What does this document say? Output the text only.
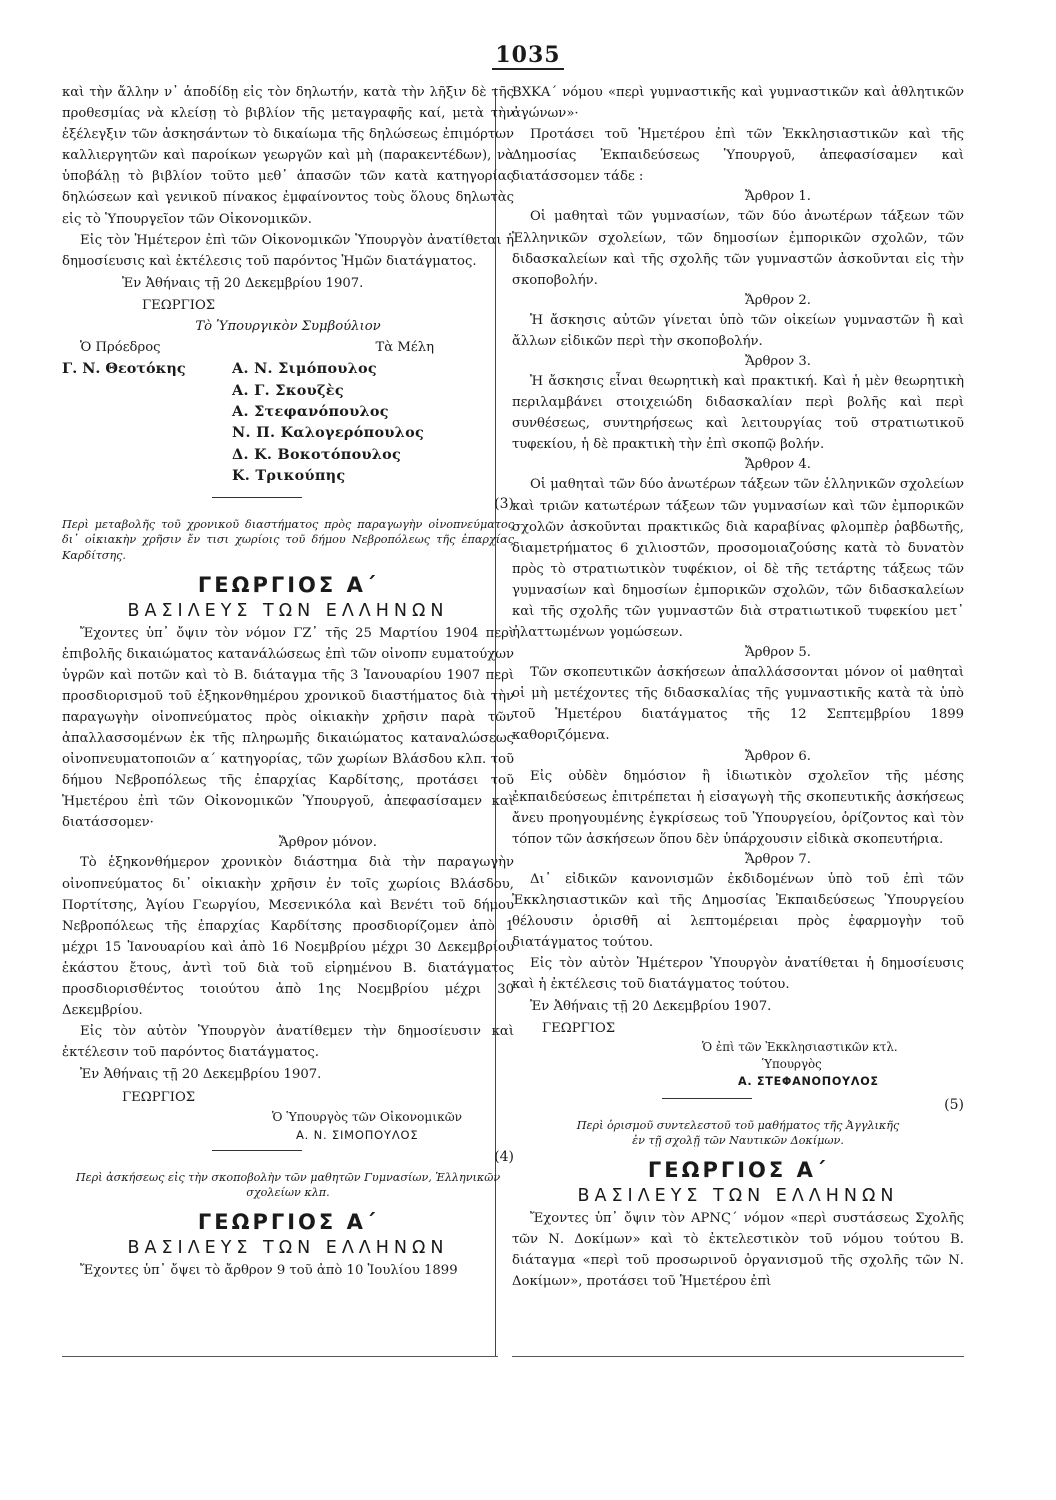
1035

καὶ τὴν ἄλλην ν᾽ ἀποδίδῃ εἰς τὸν δηλωτήν, κατὰ τὴν λῆξιν δὲ τῆς προθεσμίας νὰ κλείσῃ τὸ βιβλίον τῆς μεταγραφῆς καί, μετὰ τὴν ἐξέλεγξιν τῶν ἀσκησάντων τὸ δικαίωμα τῆς δηλώσεως ἐπιμόρτων καλλιεργητῶν καὶ παροίκων γεωργῶν καὶ μὴ (παρακεντέδων), νὰ ὑποβάλῃ τὸ βιβλίον τοῦτο μεθ᾽ ἁπασῶν τῶν κατὰ κατηγορίας δηλώσεων καὶ γενικοῦ πίνακος ἐμφαίνοντος τοὺς ὅλους δηλωτὰς εἰς τὸ Ὑπουργεῖον τῶν Οἰκονομικῶν.

Εἰς τὸν Ἡμέτερον ἐπὶ τῶν Οἰκονομικῶν Ὑπουργὸν ἀνατίθεται ἡ δημοσίευσις καὶ ἐκτέλεσις τοῦ παρόντος Ἡμῶν διατάγματος.

Ἐν Ἀθήναις τῇ 20 Δεκεμβρίου 1907.

ΓΕΩΡΓΙΟΣ

Τὸ Ὑπουργικὸν Συμβούλιον

Ὁ Πρόεδρος	Τὰ Μέλη
Γ. Ν. Θεοτόκης	Α. Ν. Σιμόπουλος
Α. Γ. Σκουζὲς
Α. Στεφανόπουλος
Ν. Π. Καλογερόπουλος
Δ. Κ. Βοκοτόπουλος
Κ. Τρικούπης

(3)

Περὶ μεταβολῆς τοῦ χρονικοῦ διαστήματος πρὸς παραγωγὴν οἰνοπνεύματος δι᾽ οἰκιακὴν χρῆσιν ἔν τισι χωρίοις τοῦ δήμου Νεβροπόλεως τῆς ἐπαρχίας Καρδίτσης.

ΓΕΩΡΓΙΟΣ Α΄

ΒΑΣΙΛΕΥΣ ΤΩΝ ΕΛΛΗΝΩΝ

Ἔχοντες ὑπ᾽ ὄψιν τὸν νόμον ΓΖ᾽ τῆς 25 Μαρτίου 1904 περὶ ἐπιβολῆς δικαιώματος κατανάλώσεως ἐπὶ τῶν οἰνοπν ευματούχων ὑγρῶν καὶ ποτῶν καὶ τὸ Β. διάταγμα τῆς 3 Ἰανουαρίου 1907 περὶ προσδιορισμοῦ τοῦ ἑξηκονθημέρου χρονικοῦ διαστήματος διὰ τὴν παραγωγὴν οἰνοπνεύματος πρὸς οἰκιακὴν χρῆσιν παρὰ τῶν ἀπαλλασσομένων ἐκ τῆς πληρωμῆς δικαιώματος καταναλώσεως οἰνοπνευματοποιῶν α΄ κατηγορίας, τῶν χωρίων Βλάσδου κλπ. τοῦ δήμου Νεβροπόλεως τῆς ἐπαρχίας Καρδίτσης, προτάσει τοῦ Ἡμετέρου ἐπὶ τῶν Οἰκονομικῶν Ὑπουργοῦ, ἀπεφασίσαμεν καὶ διατάσσομεν·

Ἄρθρον μόνον.

Τὸ ἑξηκονθήμερον χρονικὸν διάστημα διὰ τὴν παραγωγὴν οἰνοπνεύματος δι᾽ οἰκιακὴν χρῆσιν ἐν τοῖς χωρίοις Βλάσδου, Πορτίτσης, Ἁγίου Γεωργίου, Μεσενικόλα καὶ Βενέτι τοῦ δήμου Νεβροπόλεως τῆς ἐπαρχίας Καρδίτσης προσδιορίζομεν ἀπὸ 1 μέχρι 15 Ἰανουαρίου καὶ ἀπὸ 16 Νοεμβρίου μέχρι 30 Δεκεμβρίου ἑκάστου ἔτους, ἀντὶ τοῦ διὰ τοῦ εἰρημένου Β. διατάγματος προσδιορισθέντος τοιούτου ἀπὸ 1ης Νοεμβρίου μέχρι 30 Δεκεμβρίου.

Εἰς τὸν αὐτὸν Ὑπουργὸν ἀνατίθεμεν τὴν δημοσίευσιν καὶ ἐκτέλεσιν τοῦ παρόντος διατάγματος.

Ἐν Ἀθήναις τῇ 20 Δεκεμβρίου 1907.

ΓΕΩΡΓΙΟΣ

Ὁ Ὑπουργὸς τῶν Οἰκονομικῶν
Α. Ν. ΣΙΜΟΠΟΥΛΟΣ

(4)

Περὶ ἀσκήσεως εἰς τὴν σκοποβολὴν τῶν μαθητῶν Γυμνασίων, Ἑλληνικῶν σχολείων κλπ.

ΓΕΩΡΓΙΟΣ Α΄

ΒΑΣΙΛΕΥΣ ΤΩΝ ΕΛΛΗΝΩΝ

Ἔχοντες ὑπ᾽ ὄψει τὸ ἄρθρον 9 τοῦ ἀπὸ 10 Ἰουλίου 1899

ΒΧΚΑ΄ νόμου «περὶ γυμναστικῆς καὶ γυμναστικῶν καὶ ἀθλητικῶν ἀγώνων»·

Προτάσει τοῦ Ἡμετέρου ἐπὶ τῶν Ἐκκλησιαστικῶν καὶ τῆς Δημοσίας Ἐκπαιδεύσεως Ὑπουργοῦ, ἀπεφασίσαμεν καὶ διατάσσομεν τάδε :

Ἄρθρον 1.

Οἱ μαθηταὶ τῶν γυμνασίων, τῶν δύο ἀνωτέρων τάξεων τῶν Ἑλληνικῶν σχολείων, τῶν δημοσίων ἐμπορικῶν σχολῶν, τῶν διδασκαλείων καὶ τῆς σχολῆς τῶν γυμναστῶν ἀσκοῦνται εἰς τὴν σκοποβολήν.

Ἄρθρον 2.

Ἡ ἄσκησις αὐτῶν γίνεται ὑπὸ τῶν οἰκείων γυμναστῶν ἢ καὶ ἄλλων εἰδικῶν περὶ τὴν σκοποβολήν.

Ἄρθρον 3.

Ἡ ἄσκησις εἶναι θεωρητικὴ καὶ πρακτική. Καὶ ἡ μὲν θεωρητικὴ περιλαμβάνει στοιχειώδη διδασκαλίαν περὶ βολῆς καὶ περὶ συνθέσεως, συντηρήσεως καὶ λειτουργίας τοῦ στρατιωτικοῦ τυφεκίου, ἡ δὲ πρακτικὴ τὴν ἐπὶ σκοπῷ βολήν.

Ἄρθρον 4.

Οἱ μαθηταὶ τῶν δύο ἀνωτέρων τάξεων τῶν ἑλληνικῶν σχολείων καὶ τριῶν κατωτέρων τάξεων τῶν γυμνασίων καὶ τῶν ἐμπορικῶν σχολῶν ἀσκοῦνται πρακτικῶς διὰ καραβίνας φλομπὲρ ῥαβδωτῆς, διαμετρήματος 6 χιλιοστῶν, προσομοιαζούσης κατὰ τὸ δυνατὸν πρὸς τὸ στρατιωτικὸν τυφέκιον, οἱ δὲ τῆς τετάρτης τάξεως τῶν γυμνασίων καὶ δημοσίων ἐμπορικῶν σχολῶν, τῶν διδασκαλείων καὶ τῆς σχολῆς τῶν γυμναστῶν διὰ στρατιωτικοῦ τυφεκίου μετ᾽ ἠλαττωμένων γομώσεων.

Ἄρθρον 5.

Τῶν σκοπευτικῶν ἀσκήσεων ἀπαλλάσσονται μόνον οἱ μαθηταὶ οἱ μὴ μετέχοντες τῆς διδασκαλίας τῆς γυμναστικῆς κατὰ τὰ ὑπὸ τοῦ Ἡμετέρου διατάγματος τῆς 12 Σεπτεμβρίου 1899 καθοριζόμενα.

Ἄρθρον 6.

Εἰς οὐδὲν δημόσιον ἢ ἰδιωτικὸν σχολεῖον τῆς μέσης ἐκπαιδεύσεως ἐπιτρέπεται ἡ εἰσαγωγὴ τῆς σκοπευτικῆς ἀσκήσεως ἄνευ προηγουμένης ἐγκρίσεως τοῦ Ὑπουργείου, ὁρίζοντος καὶ τὸν τόπον τῶν ἀσκήσεων ὅπου δὲν ὑπάρχουσιν εἰδικὰ σκοπευτήρια.

Ἄρθρον 7.

Δι᾽ εἰδικῶν κανονισμῶν ἐκδιδομένων ὑπὸ τοῦ ἐπὶ τῶν Ἐκκλησιαστικῶν καὶ τῆς Δημοσίας Ἐκπαιδεύσεως Ὑπουργείου θέλουσιν ὁρισθῆ αἱ λεπτομέρειαι πρὸς ἐφαρμογὴν τοῦ διατάγματος τούτου.

Εἰς τὸν αὐτὸν Ἡμέτερον Ὑπουργὸν ἀνατίθεται ἡ δημοσίευσις καὶ ἡ ἐκτέλεσις τοῦ διατάγματος τούτου.

Ἐν Ἀθήναις τῇ 20 Δεκεμβρίου 1907.

ΓΕΩΡΓΙΟΣ

Ὁ ἐπὶ τῶν Ἐκκλησιαστικῶν κτλ.
Ὑπουργὸς
Α. ΣΤΕΦΑΝΟΠΟΥΛΟΣ

(5)

Περὶ ὁρισμοῦ συντελεστοῦ τοῦ μαθήματος τῆς Ἀγγλικῆς

ἐν τῇ σχολῇ τῶν Ναυτικῶν Δοκίμων.

ΓΕΩΡΓΙΟΣ Α΄

ΒΑΣΙΛΕΥΣ ΤΩΝ ΕΛΛΗΝΩΝ

Ἔχοντες ὑπ᾽ ὄψιν τὸν ΑΡΝϚ΄ νόμον «περὶ συστάσεως Σχολῆς τῶν Ν. Δοκίμων» καὶ τὸ ἐκτελεστικὸν τοῦ νόμου τούτου Β. διάταγμα «περὶ τοῦ προσωρινοῦ ὀργανισμοῦ τῆς σχολῆς τῶν Ν. Δοκίμων», προτάσει τοῦ Ἡμετέρου ἐπὶ
